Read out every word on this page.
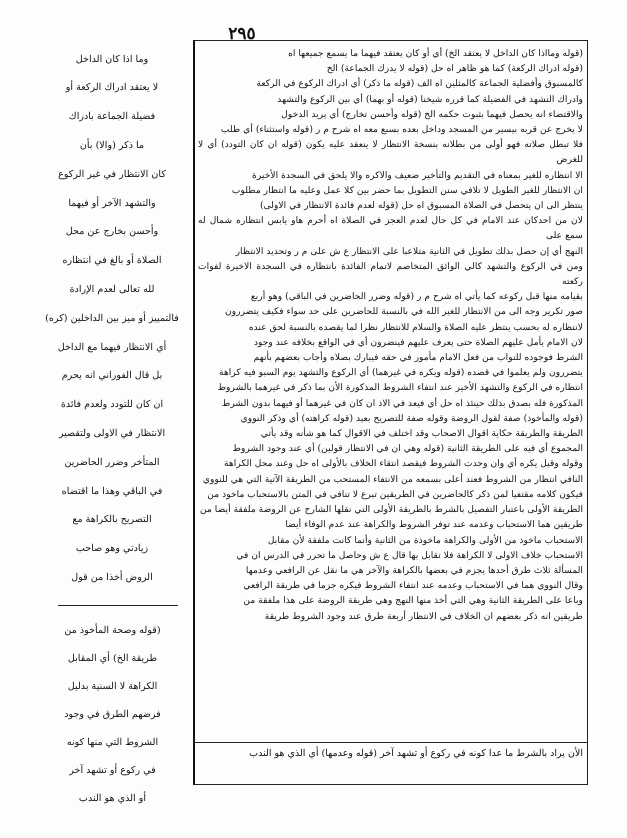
٢٩٥

(قوله ومااذا كان الداخل لا يعتقد الخ) أي أو كان يعتقد فيهما ما يسمع جميعها اه

(قوله ادراك الركعة) كما هو ظاهر اه حل (قوله لا يدرك الجماعة) الخ

كالمسبوق وأفضلية الجماعة كالمثلين اه الف (قوله ما ذكر) أي ادراك الركوع في الركعة

وادراك التشهد في الفضيلة كما قرره شيخنا (قوله أو بهما) أي بين الركوع والتشهد

والاقتضاء انه يحصل فيهما بثبوت حكمه الخ (قوله وأحسن تخارج) أي يريد الدخول

لا يخرج عن قربه بيسير من المسجد وداخل بعده بسبع معه اه شرح م ر (قوله واستثناء) أي طلب

فلا تبطل صلاته فهو أولى من بطلانه بنسخة الانتظار لا ينعقد عليه يكون (قوله ان كان التودد) أي لا للغرض

الا انتظاره للغير بمعناه في التقديم والتأخير ضعيف والاكره والا يلحق في السجدة الأخيرة

ان الانتظار للغير الطويل لا تلافي سنن التطويل بما حضر بين كلا عمل وعليه ما انتظار مطلوب

ينتظر الى ان يتحصل في الصلاة المسبوق اه حل (قوله لعدم فائدة الانتظار في الاولى)

لان من احدكان عند الامام في كل حال لعدم العجز في الصلاة اه أحرم هاو يابس انتظاره شمال له سمع على

النهج أي إن حصل بذلك تطويل في الثانية متلاعبا على الانتظار ع ش على م ر وتحديد الانتظار

ومن في الركوع والتشهد كالي الوائق المتخاصم لاتمام الفائدة بانتظاره في السجدة الاخيرة لفوات ركعته

بقيامه منها قبل ركوعه كما يأتي اه شرح م ر (قوله وضرر الحاضرين في الباقي) وهو أربع

صور تكرير وجه الى من الانتظار للغير الله في بالنسبة للحاضرين على حد سواء فكيف يتضررون

لانتظاره له بحسب ينتظر عليه الصلاة والسلام للانتظار نظرا لما يقصده بالنسبة لحق عنده

لان الامام يأمل عليهم الصلاة حتى يعرف عليهم فينضرون أي في الواقع بخلافه عند وجود

الشرط فوجوده للنواب من فعل الامام مأمور في حقه فيبارك بصلاه وأجاب بعضهم بأنهم

يتضررون ولم يعلموا في قصده (قوله ويكره في غيرهما) أي الركوع والتشهد يوم السبو فيه كراهة

انتظاره في الركوع والتشهد الأخير عند انتفاء الشروط المذكورة الأن بما ذكر في غيرهما بالشروط

المذكورة فله بصدق بذلك حينئذ اه حل أي فيعد في الاذ ان كان في غيرهما أو فيهما بدون الشرط

(قوله والمأخوذ) صفة لقول الروضة وقوله صفة للتصريح بعيد (قوله كراهته) أي وذكر النووي

الطريقة والطريقة حكاية اقوال الاصحاب وقد اختلف في الاقوال كما هو شأنه وقد يأتي

المجموع أي فيه على الطريقة الثانية (قوله وهي ان في الانتظار قولين) أي عند وجود الشروط

وقوله وقيل يكره أي وان وجدت الشروط فيقصد انتقاء الخلاف بالأولى اه حل وعند محل الكراهة

النافي انتظار من الشروط فعند أعلى بسمعه من الانتفاء المستحب من الطريقة الآتية التي هي للنووي

فيكون كلامه مقتفيا لمن ذكر كالحاضرين في الطريقين تبرع لا تنافي في المتن بالاستحباب ماخوذ من

الطريقة الأولى باعتبار التفصيل بالشرط بالطريقة الأولى التي نقلها الشارح عن الروضة ملفقة أيضا من

طريقين هما الاستحباب وعدمه عند توفر الشروط والكراهة عند عدم الوفاء أيضا

الاستحباب ماخوذ من الأولى والكراهة ماخوذة من الثانية وأنما كانت ملفقة لأن مقابل

الاستحباب خلاف الاولى لا الكراهة فلا تقابل بها قال ع ش وحاصل ما تحرر في الدرس ان في

المسألة ثلاث طرق أحدها يجزم في بعضها بالكراهة والآخر هي ما نقل عن الرافعي وعدمها

وقال النووي هما في الاستحباب وعدمه عند انتفاء الشروط فيكره جزما في طريقة الرافعي

وباعا على الطريقة الثانية وهي التي أخذ منها النهج وهي طريقة الروضة على هذا ملفقة من

طريقين انه ذكر بعضهم ان الخلاف في الانتظار أربعة طرق عند وجود الشروط طريقة

الأن يراد بالشرط ما عدا كونه في ركوع أو تشهد آخر (قوله وعدمها) أي الذي هو الندب

وما اذا كان الداخل

لا يعتقد ادراك الركعة أو

فضيلة الجماعة بادراك

ما ذكر (والا) بأن

كان الانتظار في غير الركوع

والتشهد الآخر أو فيهما

وأحسن بخارج عن محل

الصلاة أو بالغ في انتظاره

لله تعالى لعدم الإرادة

فالتمييز أو ميز بين الداخلين (كره)

أي الانتظار فيهما مع الداخل

بل قال الفوراني انه يحرم

ان كان للتودد ولعدم فائدة

الانتظار في الاولى ولتقصير

المتأخر وضرر الحاضرين

في الباقي وهذا ما اقتضاه

التصريح بالكراهة مع

زيادتي وهو صاحب

الروض أخذا من قول

(قوله وصحة المأخوذ من

طريقة الخ) أي المقابل

الكراهة لا السنية بدليل

فرضهم الطرق في وجود

الشروط التي منها كونه

في ركوع أو تشهد آخر

أو الذي هو الندب
